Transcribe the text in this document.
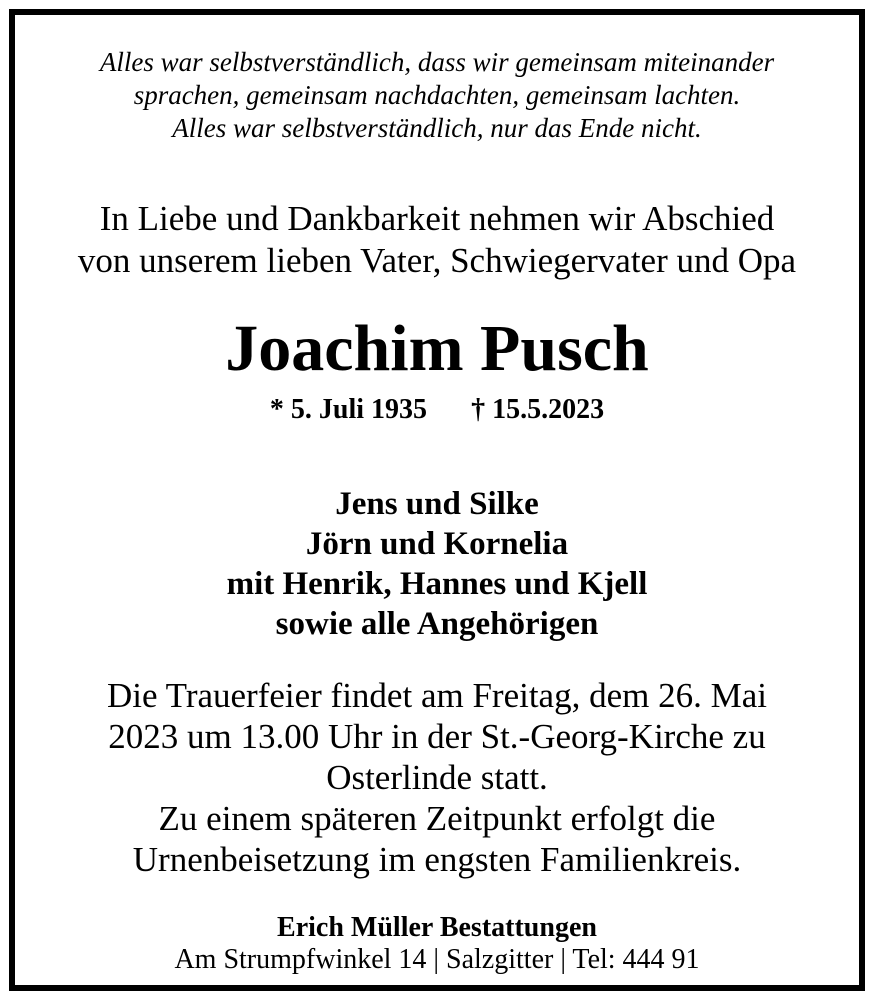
Alles war selbstverständlich, dass wir gemeinsam miteinander

sprachen, gemeinsam nachdachten, gemeinsam lachten.

Alles war selbstverständlich, nur das Ende nicht.

In Liebe und Dankbarkeit nehmen wir Abschied

von unserem lieben Vater, Schwiegervater und Opa

Joachim Pusch

* 5. Juli 1935 † 15.5.2023

Jens und Silke

Jörn und Kornelia

mit Henrik, Hannes und Kjell

sowie alle Angehörigen

Die Trauerfeier findet am Freitag, dem 26. Mai

2023 um 13.00 Uhr in der St.-Georg-Kirche zu

Osterlinde statt.

Zu einem späteren Zeitpunkt erfolgt die

Urnenbeisetzung im engsten Familienkreis.

Erich Müller Bestattungen

Am Strumpfwinkel 14 | Salzgitter | Tel: 444 91
